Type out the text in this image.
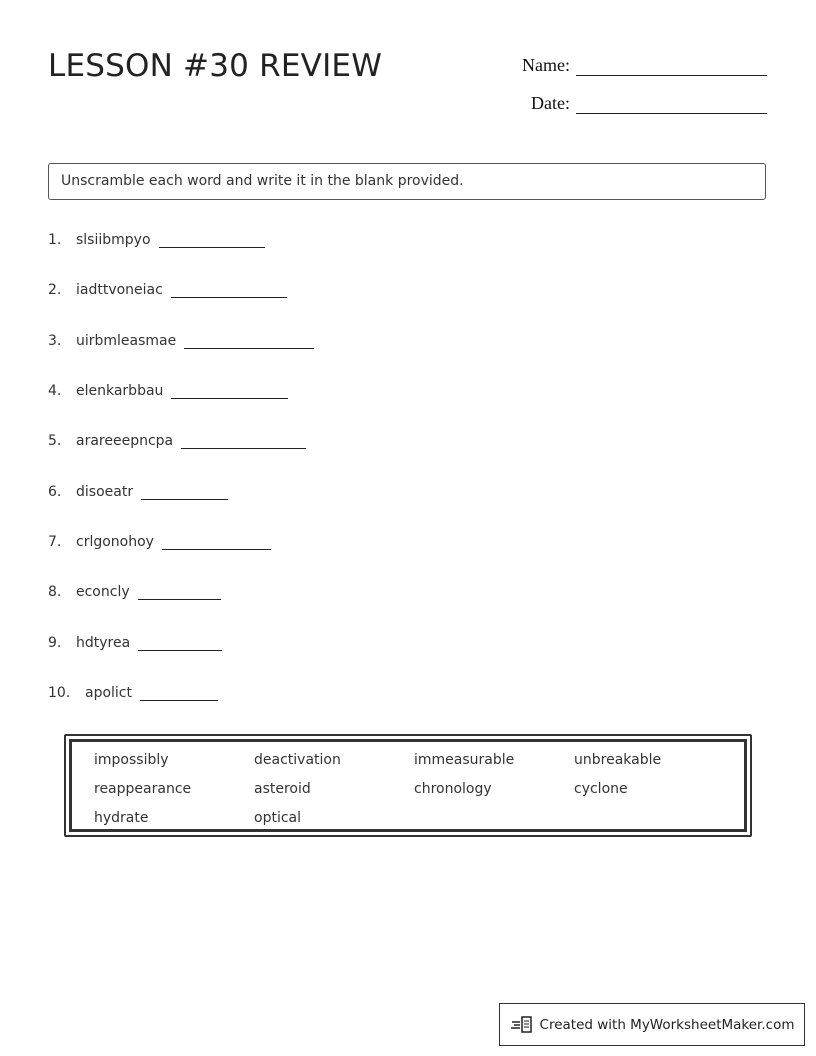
LESSON #30 REVIEW	Name:
Date:
Unscramble each word and write it in the blank provided.
1.	slsiibmpyo
2.	iadttvoneiac
3.	uirbmleasmae
4.	elenkarbbau
5.	arareeepncpa
6.	disoeatr
7.	crlgonohoy
8.	econcly
9.	hdtyrea
10.	apolict
impossibly	deactivation	immeasurable	unbreakable
reappearance	asteroid	chronology	cyclone
hydrate	optical
Created with MyWorksheetMaker.com
